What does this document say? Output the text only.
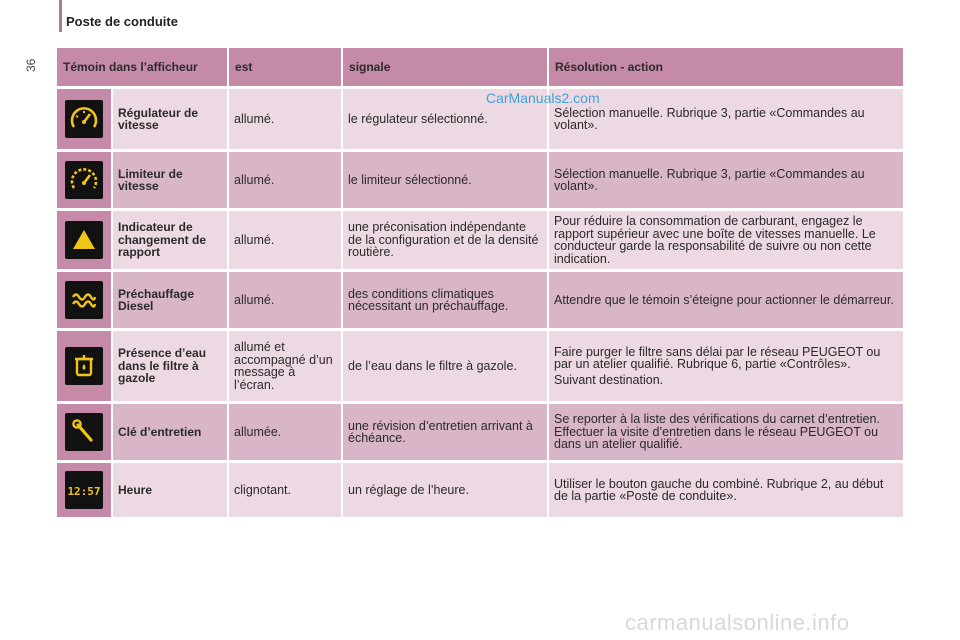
Poste de conduite
36
CarManuals2.com
carmanualsonline.info
Témoin dans l’afficheur		est	signale	Résolution - action

	Régulateur de vitesse	allumé.	le régulateur sélectionné.	Sélection manuelle. Rubrique 3, partie «Commandes au volant».

	Limiteur de vitesse	allumé.	le limiteur sélectionné.	Sélection manuelle. Rubrique 3, partie «Commandes au volant».

	Indicateur de changement de rapport	allumé.	une préconisation indépendante de la configuration et de la densité routière.	Pour réduire la consommation de carburant, engagez le rapport supérieur avec une boîte de vitesses manuelle. Le conducteur garde la responsabilité de suivre ou non cette indication.

	Préchauffage Diesel	allumé.	des conditions climatiques nécessitant un préchauffage.	Attendre que le témoin s’éteigne pour actionner le démarreur.

	Présence d’eau dans le filtre à gazole	allumé et accompagné d’un message à l’écran.	de l’eau dans le filtre à gazole.	Faire purger le filtre sans délai par le réseau PEUGEOT ou par un atelier qualifié. Rubrique 6, partie «Contrôles».

Suivant destination.

	Clé d’entretien	allumée.	une révision d’entretien arrivant à échéance.	Se reporter à la liste des vérifications du carnet d’entretien. Effectuer la visite d’entretien dans le réseau PEUGEOT ou dans un atelier qualifié.

12:57	Heure	clignotant.	un réglage de l’heure.	Utiliser le bouton gauche du combiné. Rubrique 2, au début de la partie «Poste de conduite».
